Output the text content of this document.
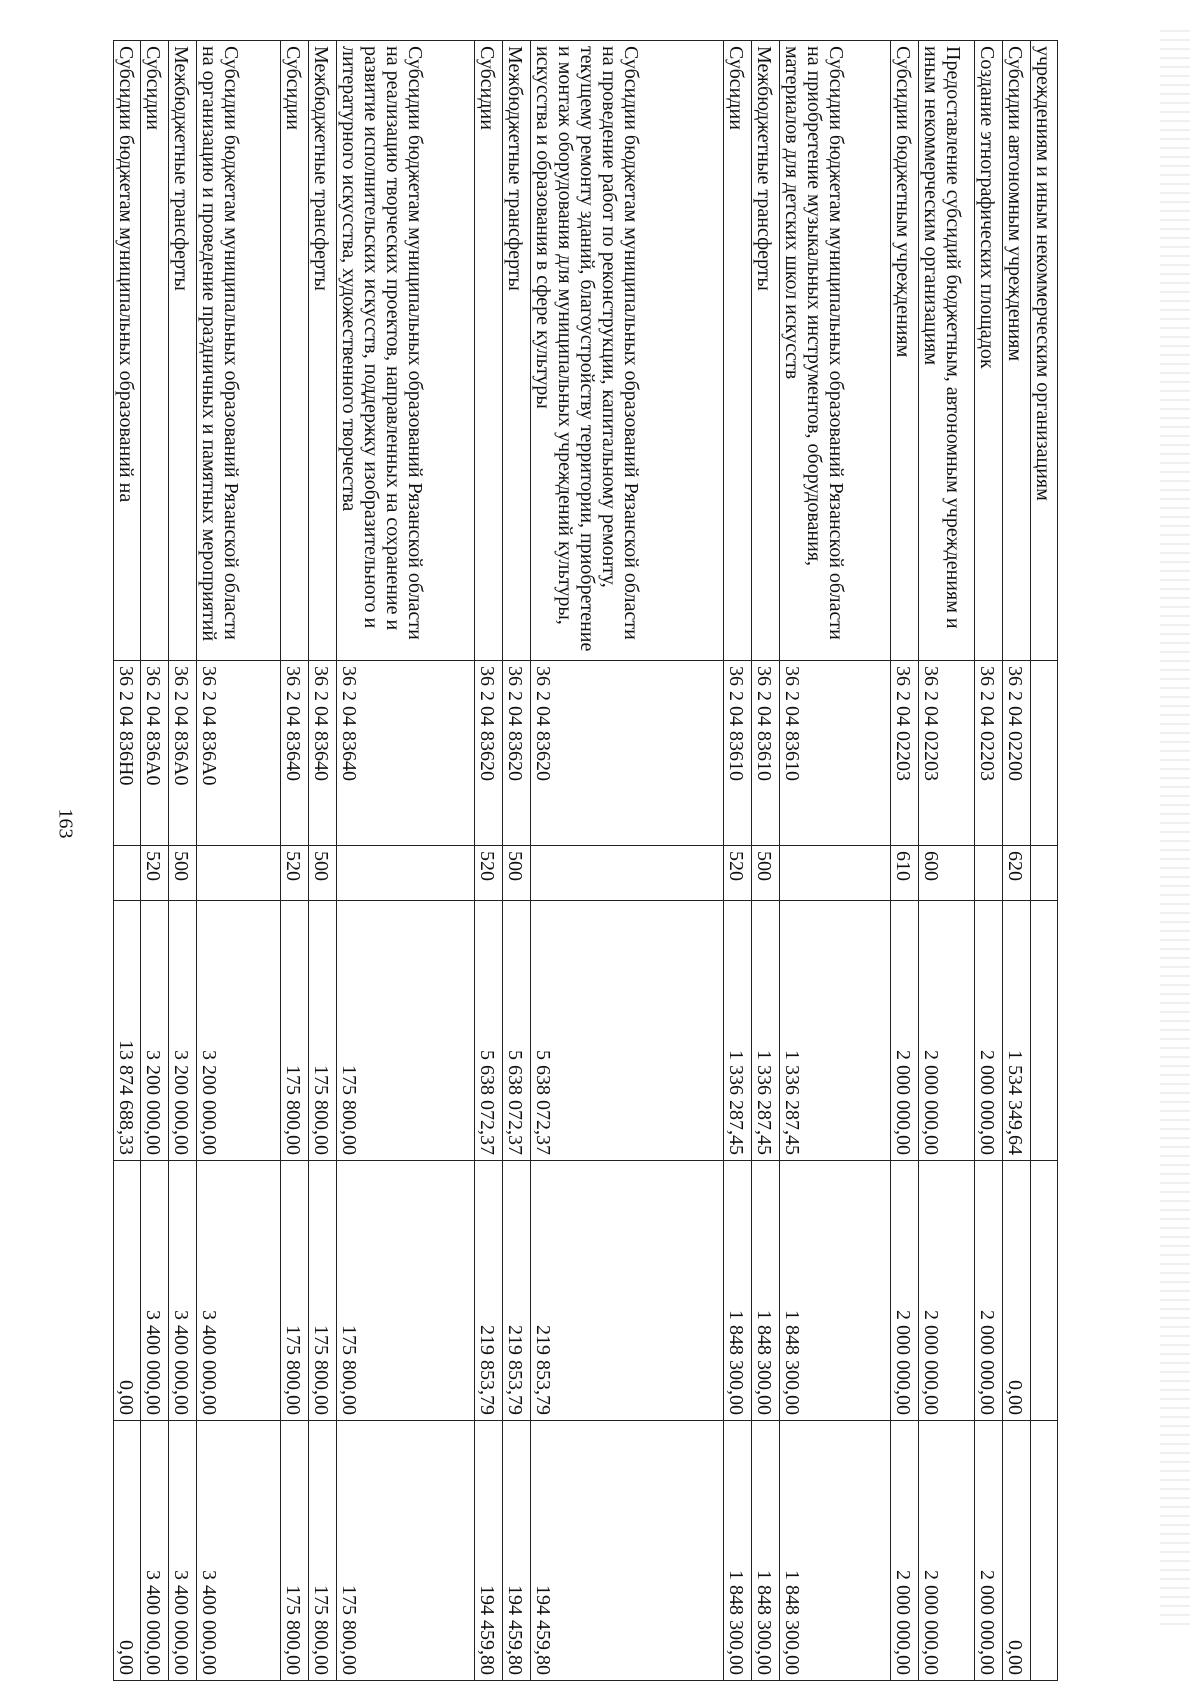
163
учреждениям и иным некоммерческим организациям					
Субсидии автономным учреждениям	36 2 04 02200	620	1 534 349,64	0,00	0,00
Создание этнографических площадок	36 2 04 02203		2 000 000,00	2 000 000,00	2 000 000,00
Предоставление субсидий бюджетным, автономным учреждениям и иным некоммерческим организациям	36 2 04 02203	600	2 000 000,00	2 000 000,00	2 000 000,00
Субсидии бюджетным учреждениям	36 2 04 02203	610	2 000 000,00	2 000 000,00	2 000 000,00
Субсидии бюджетам муниципальных образований Рязанской области на приобретение музыкальных инструментов, оборудования, материалов для детских школ искусств	36 2 04 83610		1 336 287,45	1 848 300,00	1 848 300,00
Межбюджетные трансферты	36 2 04 83610	500	1 336 287,45	1 848 300,00	1 848 300,00
Субсидии	36 2 04 83610	520	1 336 287,45	1 848 300,00	1 848 300,00
Субсидии бюджетам муниципальных образований Рязанской области на проведение работ по реконструкции, капитальному ремонту, текущему ремонту зданий, благоустройству территории, приобретение и монтаж оборудования для муниципальных учреждений культуры, искусства и образования в сфере культуры	36 2 04 83620		5 638 072,37	219 853,79	194 459,80
Межбюджетные трансферты	36 2 04 83620	500	5 638 072,37	219 853,79	194 459,80
Субсидии	36 2 04 83620	520	5 638 072,37	219 853,79	194 459,80
Субсидии бюджетам муниципальных образований Рязанской области на реализацию творческих проектов, направленных на сохранение и развитие исполнительских искусств, поддержку изобразительного и литературного искусства, художественного творчества	36 2 04 83640		175 800,00	175 800,00	175 800,00
Межбюджетные трансферты	36 2 04 83640	500	175 800,00	175 800,00	175 800,00
Субсидии	36 2 04 83640	520	175 800,00	175 800,00	175 800,00
Субсидии бюджетам муниципальных образований Рязанской области на организацию и проведение праздничных и памятных мероприятий	36 2 04 836А0		3 200 000,00	3 400 000,00	3 400 000,00
Межбюджетные трансферты	36 2 04 836А0	500	3 200 000,00	3 400 000,00	3 400 000,00
Субсидии	36 2 04 836А0	520	3 200 000,00	3 400 000,00	3 400 000,00
Субсидии бюджетам муниципальных образований на	36 2 04 836Н0		13 874 688,33	0,00	0,00
